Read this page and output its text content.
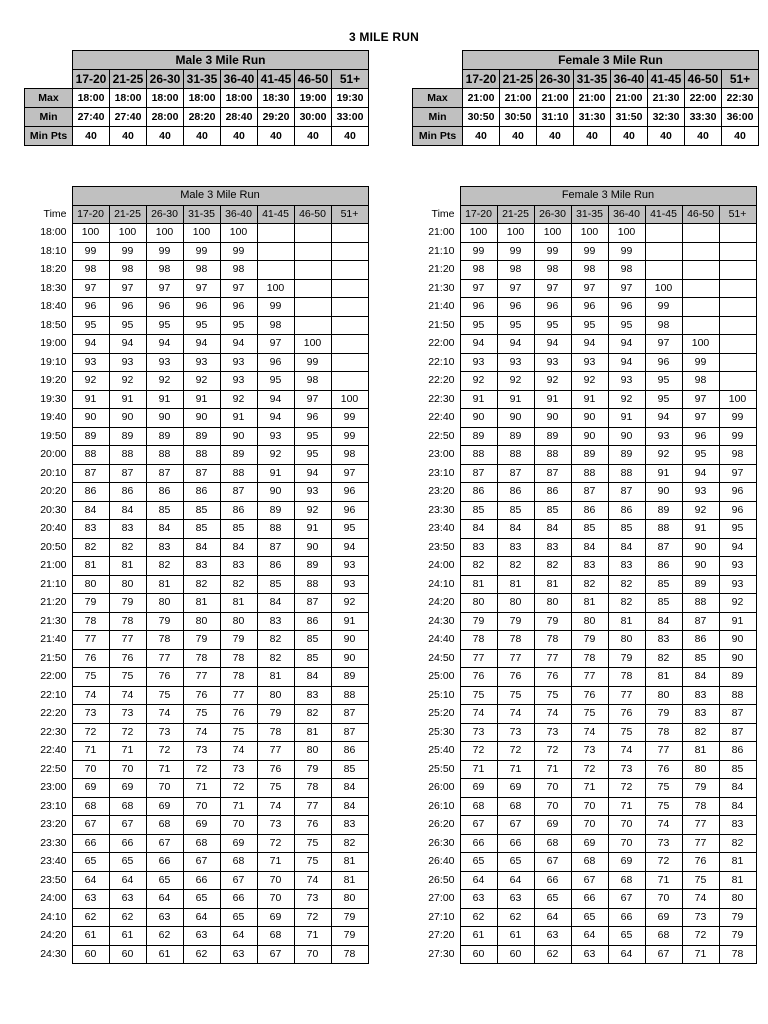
3 MILE RUN
	Male 3 Mile Run							
	17-20	21-25	26-30	31-35	36-40	41-45	46-50	51+
Max	18:00	18:00	18:00	18:00	18:00	18:30	19:00	19:30
Min	27:40	27:40	28:00	28:20	28:40	29:20	30:00	33:00
Min Pts	40	40	40	40	40	40	40	40
	Female 3 Mile Run							
	17-20	21-25	26-30	31-35	36-40	41-45	46-50	51+
Max	21:00	21:00	21:00	21:00	21:00	21:30	22:00	22:30
Min	30:50	30:50	31:10	31:30	31:50	32:30	33:30	36:00
Min Pts	40	40	40	40	40	40	40	40
	Male 3 Mile Run							
Time	17-20	21-25	26-30	31-35	36-40	41-45	46-50	51+
18:00	100	100	100	100	100			
18:10	99	99	99	99	99			
18:20	98	98	98	98	98			
18:30	97	97	97	97	97	100		
18:40	96	96	96	96	96	99		
18:50	95	95	95	95	95	98		
19:00	94	94	94	94	94	97	100	
19:10	93	93	93	93	93	96	99	
19:20	92	92	92	92	93	95	98	
19:30	91	91	91	91	92	94	97	100
19:40	90	90	90	90	91	94	96	99
19:50	89	89	89	89	90	93	95	99
20:00	88	88	88	88	89	92	95	98
20:10	87	87	87	87	88	91	94	97
20:20	86	86	86	86	87	90	93	96
20:30	84	84	85	85	86	89	92	96
20:40	83	83	84	85	85	88	91	95
20:50	82	82	83	84	84	87	90	94
21:00	81	81	82	83	83	86	89	93
21:10	80	80	81	82	82	85	88	93
21:20	79	79	80	81	81	84	87	92
21:30	78	78	79	80	80	83	86	91
21:40	77	77	78	79	79	82	85	90
21:50	76	76	77	78	78	82	85	90
22:00	75	75	76	77	78	81	84	89
22:10	74	74	75	76	77	80	83	88
22:20	73	73	74	75	76	79	82	87
22:30	72	72	73	74	75	78	81	87
22:40	71	71	72	73	74	77	80	86
22:50	70	70	71	72	73	76	79	85
23:00	69	69	70	71	72	75	78	84
23:10	68	68	69	70	71	74	77	84
23:20	67	67	68	69	70	73	76	83
23:30	66	66	67	68	69	72	75	82
23:40	65	65	66	67	68	71	75	81
23:50	64	64	65	66	67	70	74	81
24:00	63	63	64	65	66	70	73	80
24:10	62	62	63	64	65	69	72	79
24:20	61	61	62	63	64	68	71	79
24:30	60	60	61	62	63	67	70	78
	Female 3 Mile Run							
Time	17-20	21-25	26-30	31-35	36-40	41-45	46-50	51+
21:00	100	100	100	100	100			
21:10	99	99	99	99	99			
21:20	98	98	98	98	98			
21:30	97	97	97	97	97	100		
21:40	96	96	96	96	96	99		
21:50	95	95	95	95	95	98		
22:00	94	94	94	94	94	97	100	
22:10	93	93	93	93	94	96	99	
22:20	92	92	92	92	93	95	98	
22:30	91	91	91	91	92	95	97	100
22:40	90	90	90	90	91	94	97	99
22:50	89	89	89	90	90	93	96	99
23:00	88	88	88	89	89	92	95	98
23:10	87	87	87	88	88	91	94	97
23:20	86	86	86	87	87	90	93	96
23:30	85	85	85	86	86	89	92	96
23:40	84	84	84	85	85	88	91	95
23:50	83	83	83	84	84	87	90	94
24:00	82	82	82	83	83	86	90	93
24:10	81	81	81	82	82	85	89	93
24:20	80	80	80	81	82	85	88	92
24:30	79	79	79	80	81	84	87	91
24:40	78	78	78	79	80	83	86	90
24:50	77	77	77	78	79	82	85	90
25:00	76	76	76	77	78	81	84	89
25:10	75	75	75	76	77	80	83	88
25:20	74	74	74	75	76	79	83	87
25:30	73	73	73	74	75	78	82	87
25:40	72	72	72	73	74	77	81	86
25:50	71	71	71	72	73	76	80	85
26:00	69	69	70	71	72	75	79	84
26:10	68	68	70	70	71	75	78	84
26:20	67	67	69	70	70	74	77	83
26:30	66	66	68	69	70	73	77	82
26:40	65	65	67	68	69	72	76	81
26:50	64	64	66	67	68	71	75	81
27:00	63	63	65	66	67	70	74	80
27:10	62	62	64	65	66	69	73	79
27:20	61	61	63	64	65	68	72	79
27:30	60	60	62	63	64	67	71	78
